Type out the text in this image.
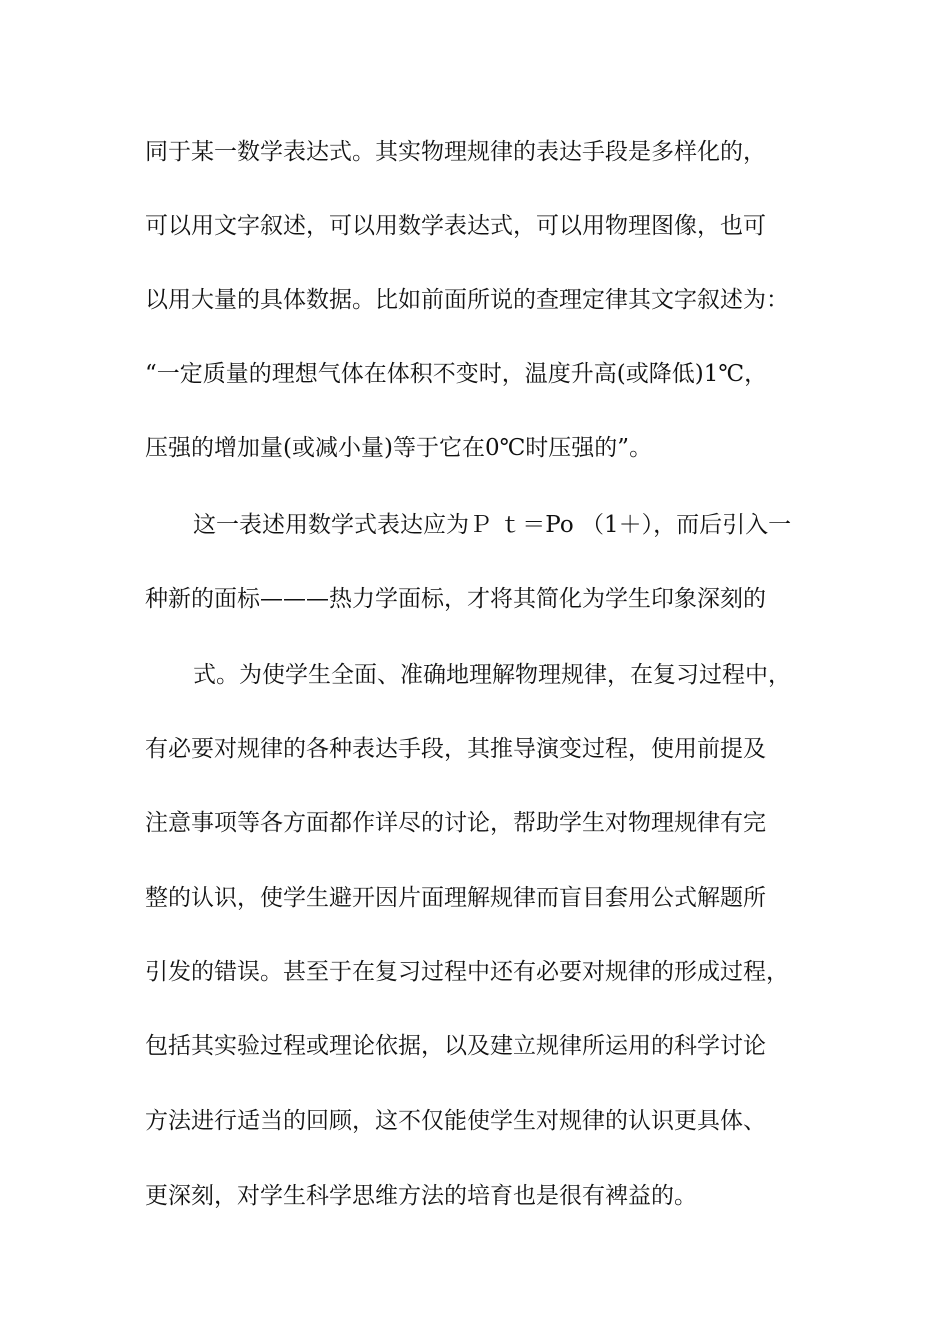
同于某一数学表达式。其实物理规律的表达手段是多样化的，
可以用文字叙述，可以用数学表达式，可以用物理图像，也可
以用大量的具体数据。比如前面所说的查理定律其文字叙述为：
“一定质量的理想气体在体积不变时，温度升高(或降低)1℃，
压强的增加量(或减小量)等于它在0℃时压强的”。
这一表述用数学式表达应为Ｐ ｔ＝Po （1＋），而后引入一
种新的面标———热力学面标，才将其简化为学生印象深刻的
式。为使学生全面、准确地理解物理规律，在复习过程中，
有必要对规律的各种表达手段，其推导演变过程，使用前提及
注意事项等各方面都作详尽的讨论，帮助学生对物理规律有完
整的认识，使学生避开因片面理解规律而盲目套用公式解题所
引发的错误。甚至于在复习过程中还有必要对规律的形成过程，
包括其实验过程或理论依据，以及建立规律所运用的科学讨论
方法进行适当的回顾，这不仅能使学生对规律的认识更具体、
更深刻，对学生科学思维方法的培育也是很有裨益的。
